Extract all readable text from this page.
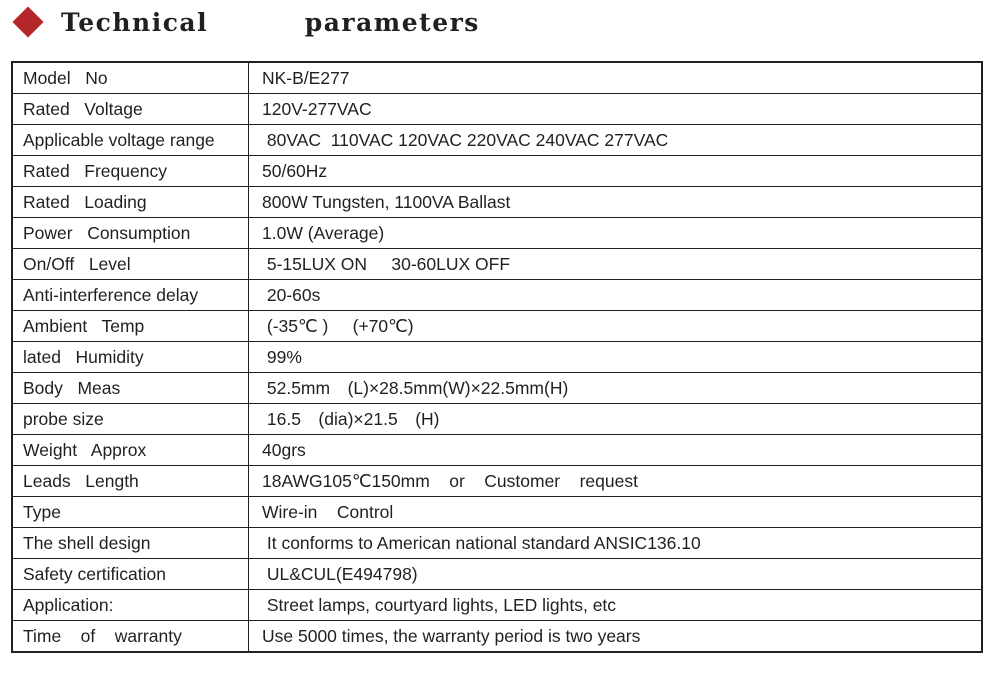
Technical   parameters
Model   No	NK-B/E277
Rated   Voltage	120V-277VAC
Applicable voltage range	80VAC  110VAC 120VAC 220VAC 240VAC 277VAC
Rated   Frequency	50/60Hz
Rated   Loading	800W Tungsten, 1100VA Ballast
Power   Consumption	1.0W (Average)
On/Off   Level	5-15LUX ON     30-60LUX OFF
Anti-interference delay	20-60s
Ambient   Temp	(-35℃ )     (+70℃)
lated   Humidity	99%
Body   Meas	52.5mm　(L)×28.5mm(W)×22.5mm(H)
probe size	16.5　(dia)×21.5　(H)
Weight   Approx	40grs
Leads   Length	18AWG105℃150mm    or    Customer    request
Type	Wire-in    Control
The shell design	It conforms to American national standard ANSIC136.10
Safety certification	UL&CUL(E494798)
Application:	Street lamps, courtyard lights, LED lights, etc
Time    of    warranty	Use 5000 times, the warranty period is two years
